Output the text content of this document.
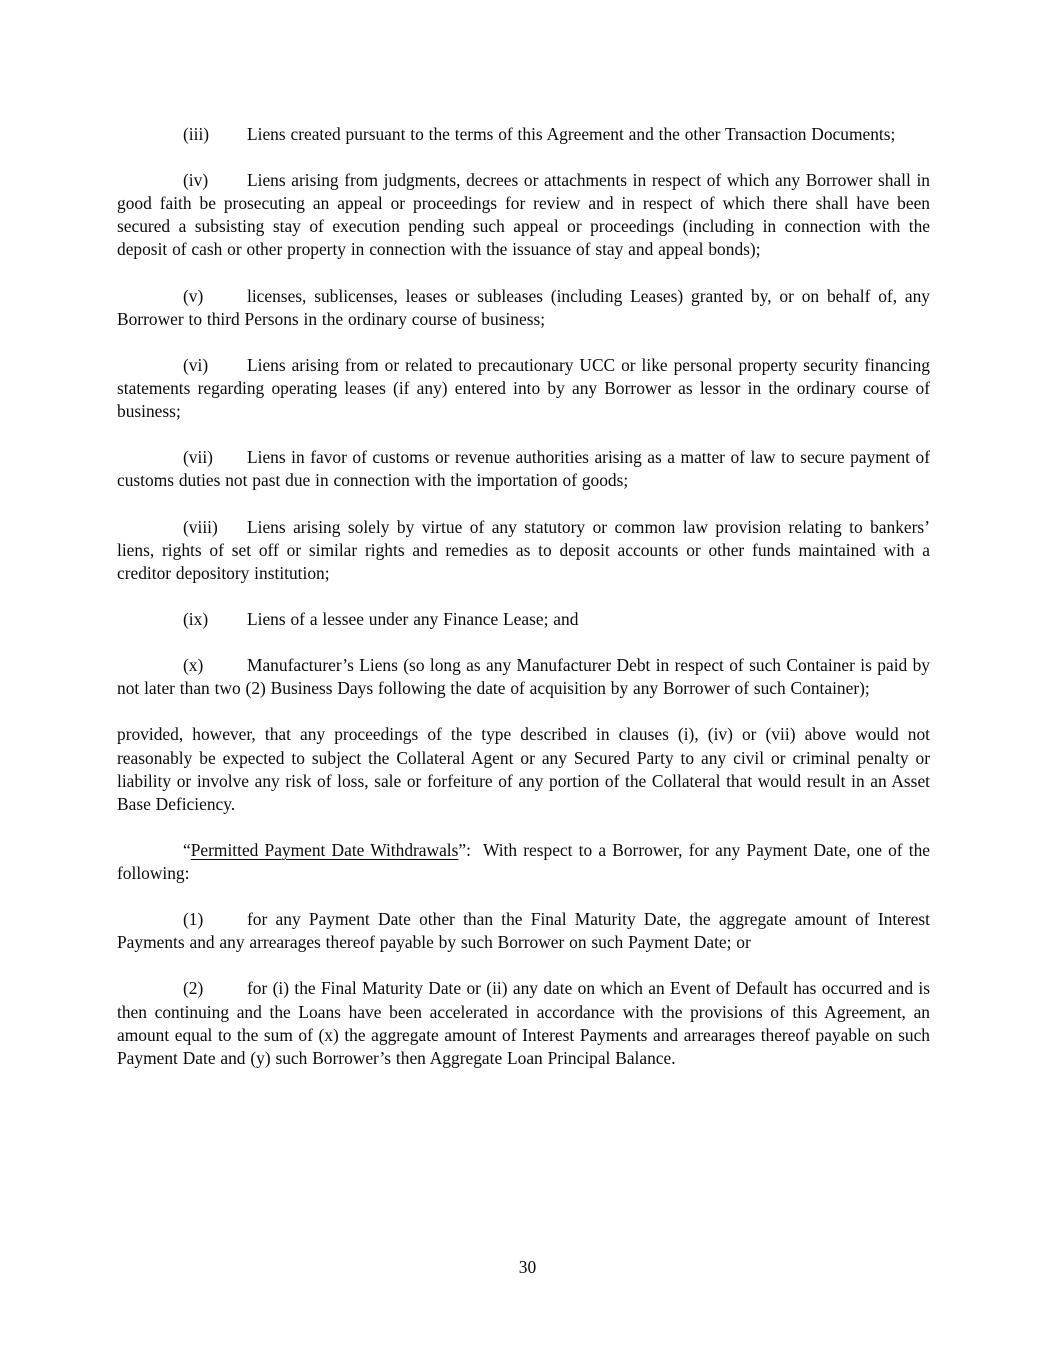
(iii) Liens created pursuant to the terms of this Agreement and the other Transaction Documents;

(iv) Liens arising from judgments, decrees or attachments in respect of which any Borrower shall in good faith be prosecuting an appeal or proceedings for review and in respect of which there shall have been secured a subsisting stay of execution pending such appeal or proceedings (including in connection with the deposit of cash or other property in connection with the issuance of stay and appeal bonds);

(v)	licenses, sublicenses, leases or subleases (including Leases) granted by, or on behalf of, any Borrower to third Persons in the ordinary course of business;

(vi) Liens arising from or related to precautionary UCC or like personal property security financing statements regarding operating leases (if any) entered into by any Borrower as lessor in the ordinary course of business;

(vii) Liens in favor of customs or revenue authorities arising as a matter of law to secure payment of customs duties not past due in connection with the importation of goods;

(viii) Liens arising solely by virtue of any statutory or common law provision relating to bankers’ liens, rights of set off or similar rights and remedies as to deposit accounts or other funds maintained with a creditor depository institution;

(ix) Liens of a lessee under any Finance Lease; and

(x)	Manufacturer’s Liens (so long as any Manufacturer Debt in respect of such Container is paid by not later than two (2) Business Days following the date of acquisition by any Borrower of such Container);

provided, however, that any proceedings of the type described in clauses (i), (iv) or (vii) above would not reasonably be expected to subject the Collateral Agent or any Secured Party to any civil or criminal penalty or liability or involve any risk of loss, sale or forfeiture of any portion of the Collateral that would result in an Asset Base Deficiency.

“Permitted Payment Date Withdrawals”:  With respect to a Borrower, for any Payment Date, one of the following:

(1)	for any Payment Date other than the Final Maturity Date, the aggregate amount of Interest Payments and any arrearages thereof payable by such Borrower on such Payment Date; or

(2)	for (i) the Final Maturity Date or (ii) any date on which an Event of Default has occurred and is then continuing and the Loans have been accelerated in accordance with the provisions of this Agreement, an amount equal to the sum of (x) the aggregate amount of Interest Payments and arrearages thereof payable on such Payment Date and (y) such Borrower’s then Aggregate Loan Principal Balance.

30
